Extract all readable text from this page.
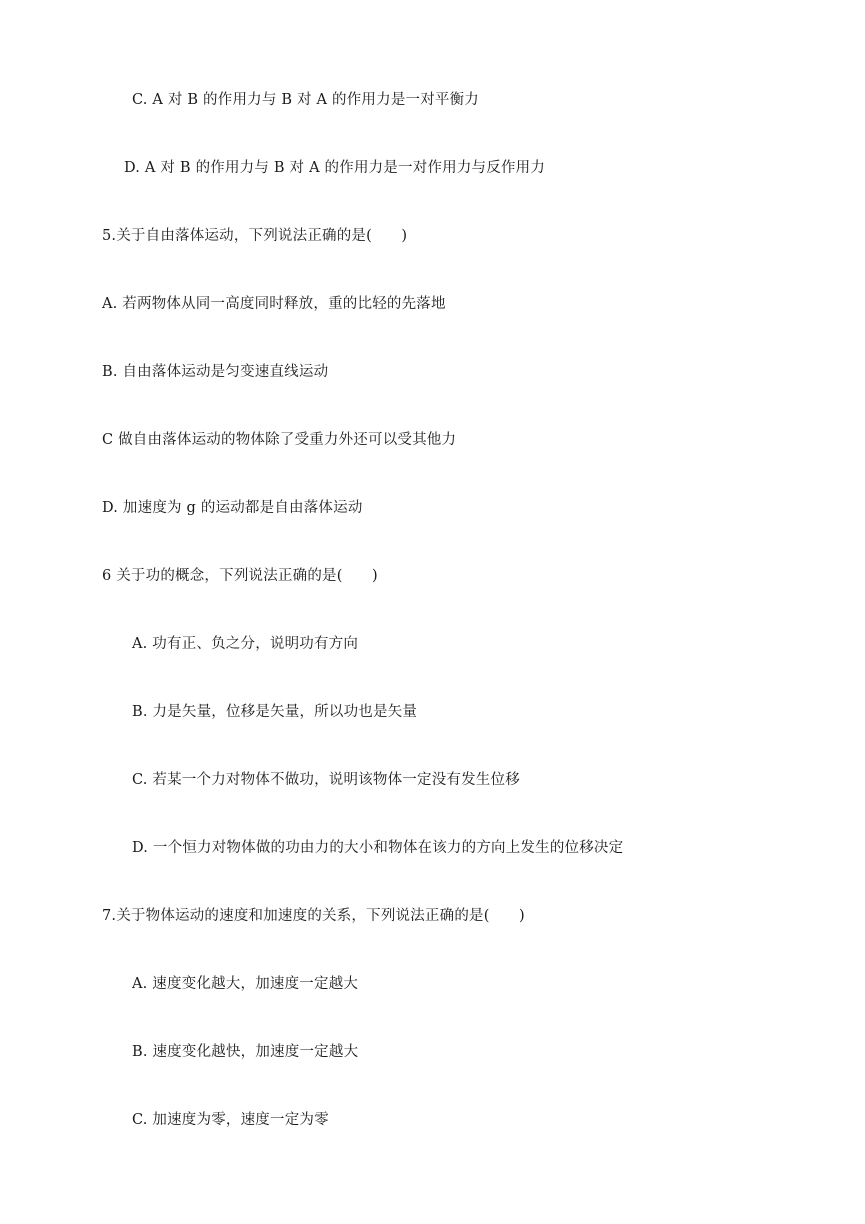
C. A 对 B 的作用力与 B 对 A 的作用力是一对平衡力
D. A 对 B 的作用力与 B 对 A 的作用力是一对作用力与反作用力
5.关于自由落体运动，下列说法正确的是(　　)
A. 若两物体从同一高度同时释放，重的比轻的先落地
B. 自由落体运动是匀变速直线运动
C 做自由落体运动的物体除了受重力外还可以受其他力
D. 加速度为 g 的运动都是自由落体运动
6 关于功的概念，下列说法正确的是(　　)
A. 功有正、负之分，说明功有方向
B. 力是矢量，位移是矢量，所以功也是矢量
C. 若某一个力对物体不做功，说明该物体一定没有发生位移
D. 一个恒力对物体做的功由力的大小和物体在该力的方向上发生的位移决定
7.关于物体运动的速度和加速度的关系，下列说法正确的是(　　)
A. 速度变化越大，加速度一定越大
B. 速度变化越快，加速度一定越大
C. 加速度为零，速度一定为零
